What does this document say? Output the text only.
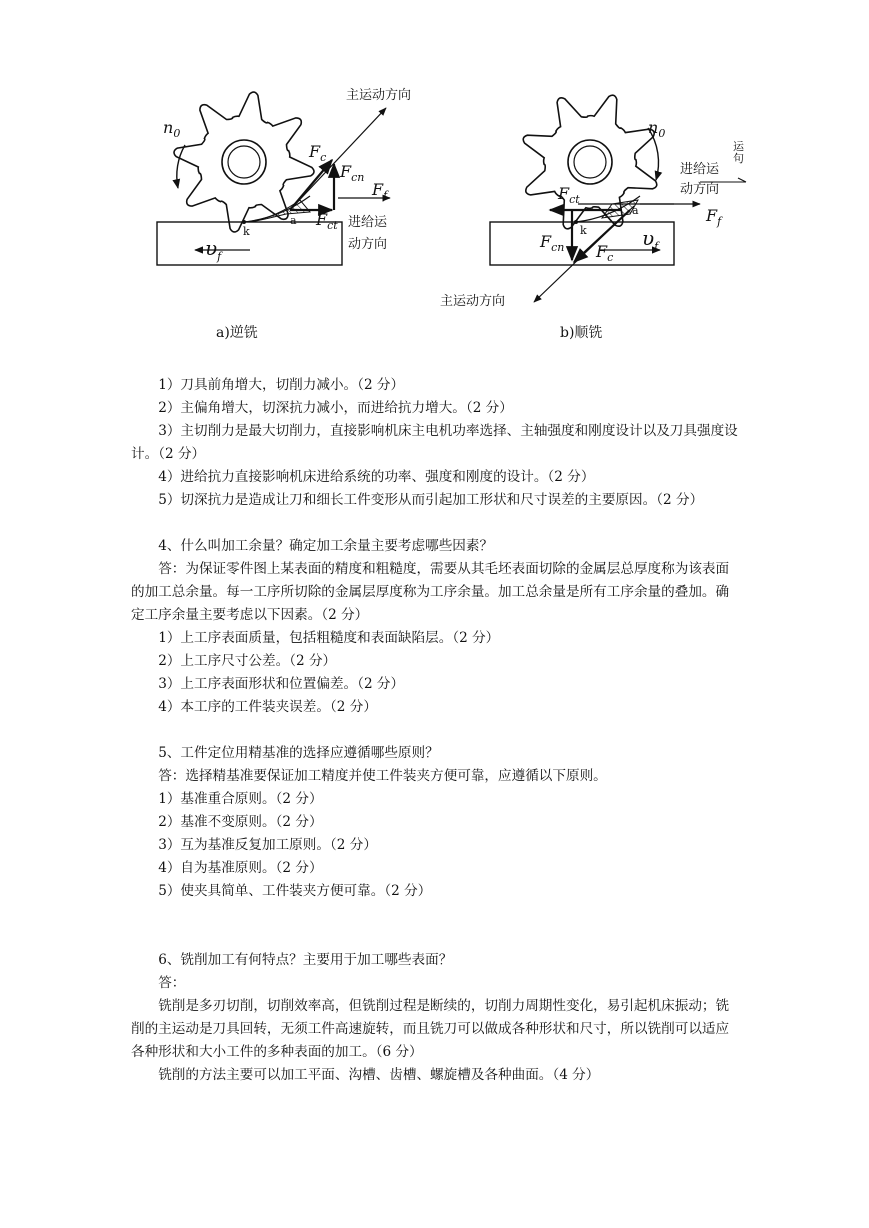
主运动方向
$n_0$
$F_c$
$F_{cn}$
$F_f$
$F_{ct}$ 进给运
动方向
a
k
$\upsilon_f$
a)逆铣
$n_0$
运
句
进给运
动方向
$F_{ct}$
a	$F_f$
k
$F_{cn}$ $F_c$
$\upsilon_f$
主运动方向
b)顺铣

1）刀具前角增大，切削力减小。（2 分）

2）主偏角增大，切深抗力减小，而进给抗力增大。（2 分）

3）主切削力是最大切削力，直接影响机床主电机功率选择、主轴强度和刚度设计以及刀具强度设计。（2 分）

4）进给抗力直接影响机床进给系统的功率、强度和刚度的设计。（2 分）

5）切深抗力是造成让刀和细长工件变形从而引起加工形状和尺寸误差的主要原因。（2 分）

4、什么叫加工余量？确定加工余量主要考虑哪些因素？

答：为保证零件图上某表面的精度和粗糙度，需要从其毛坯表面切除的金属层总厚度称为该表面的加工总余量。每一工序所切除的金属层厚度称为工序余量。加工总余量是所有工序余量的叠加。确定工序余量主要考虑以下因素。（2 分）

1）上工序表面质量，包括粗糙度和表面缺陷层。（2 分）

2）上工序尺寸公差。（2 分）

3）上工序表面形状和位置偏差。（2 分）

4）本工序的工件装夹误差。（2 分）

5、工件定位用精基准的选择应遵循哪些原则？

答：选择精基准要保证加工精度并使工件装夹方便可靠，应遵循以下原则。

1）基准重合原则。（2 分）

2）基准不变原则。（2 分）

3）互为基准反复加工原则。（2 分）

4）自为基准原则。（2 分）

5）使夹具简单、工件装夹方便可靠。（2 分）

6、铣削加工有何特点？主要用于加工哪些表面？

答：

铣削是多刃切削，切削效率高，但铣削过程是断续的，切削力周期性变化，易引起机床振动；铣削的主运动是刀具回转，无须工件高速旋转，而且铣刀可以做成各种形状和尺寸，所以铣削可以适应各种形状和大小工件的多种表面的加工。（6 分）

铣削的方法主要可以加工平面、沟槽、齿槽、螺旋槽及各种曲面。（4 分）
